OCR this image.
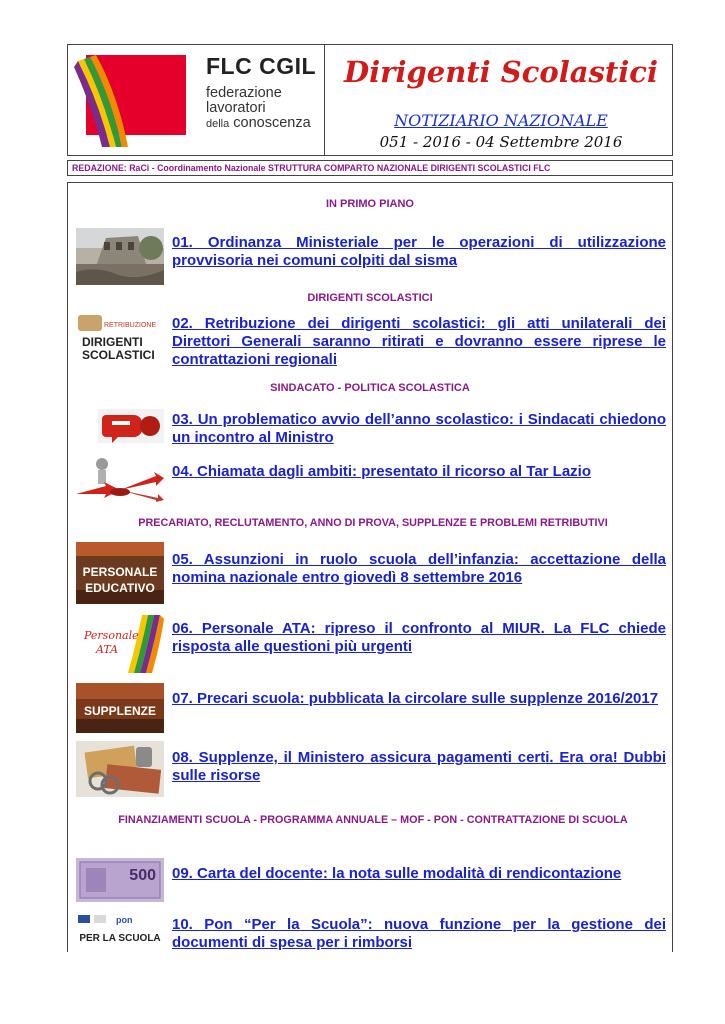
FLC CGIL
federazione
lavoratori
della conoscenza
Dirigenti Scolastici
NOTIZIARIO NAZIONALE
051 - 2016 - 04 Settembre 2016
REDAZIONE: RaCi - Coordinamento Nazionale STRUTTURA COMPARTO NAZIONALE DIRIGENTI SCOLASTICI FLC
IN PRIMO PIANO
01. Ordinanza Ministeriale per le operazioni di utilizzazione provvisoria nei comuni colpiti dal sisma
DIRIGENTI SCOLASTICI
RETRIBUZIONE
DIRIGENTI
SCOLASTICI
02. Retribuzione dei dirigenti scolastici: gli atti unilaterali dei Direttori Generali saranno ritirati e dovranno essere riprese le contrattazioni regionali
SINDACATO - POLITICA SCOLASTICA
03. Un problematico avvio dell’anno scolastico: i Sindacati chiedono un incontro al Ministro
04. Chiamata dagli ambiti: presentato il ricorso al Tar Lazio
PRECARIATO, RECLUTAMENTO, ANNO DI PROVA, SUPPLENZE E PROBLEMI RETRIBUTIVI
PERSONALE
EDUCATIVO
05. Assunzioni in ruolo scuola dell’infanzia: accettazione della nomina nazionale entro giovedì 8 settembre 2016
Personale
ATA
06. Personale ATA: ripreso il confronto al MIUR. La FLC chiede risposta alle questioni più urgenti
SUPPLENZE
07. Precari scuola: pubblicata la circolare sulle supplenze 2016/2017
08. Supplenze, il Ministero assicura pagamenti certi. Era ora! Dubbi sulle risorse
FINANZIAMENTI SCUOLA - PROGRAMMA ANNUALE – MOF - PON - CONTRATTAZIONE DI SCUOLA
500 09. Carta del docente: la nota sulle modalità di rendicontazione
pon
PER LA SCUOLA
10. Pon “Per la Scuola”: nuova funzione per la gestione dei documenti di spesa per i rimborsi
